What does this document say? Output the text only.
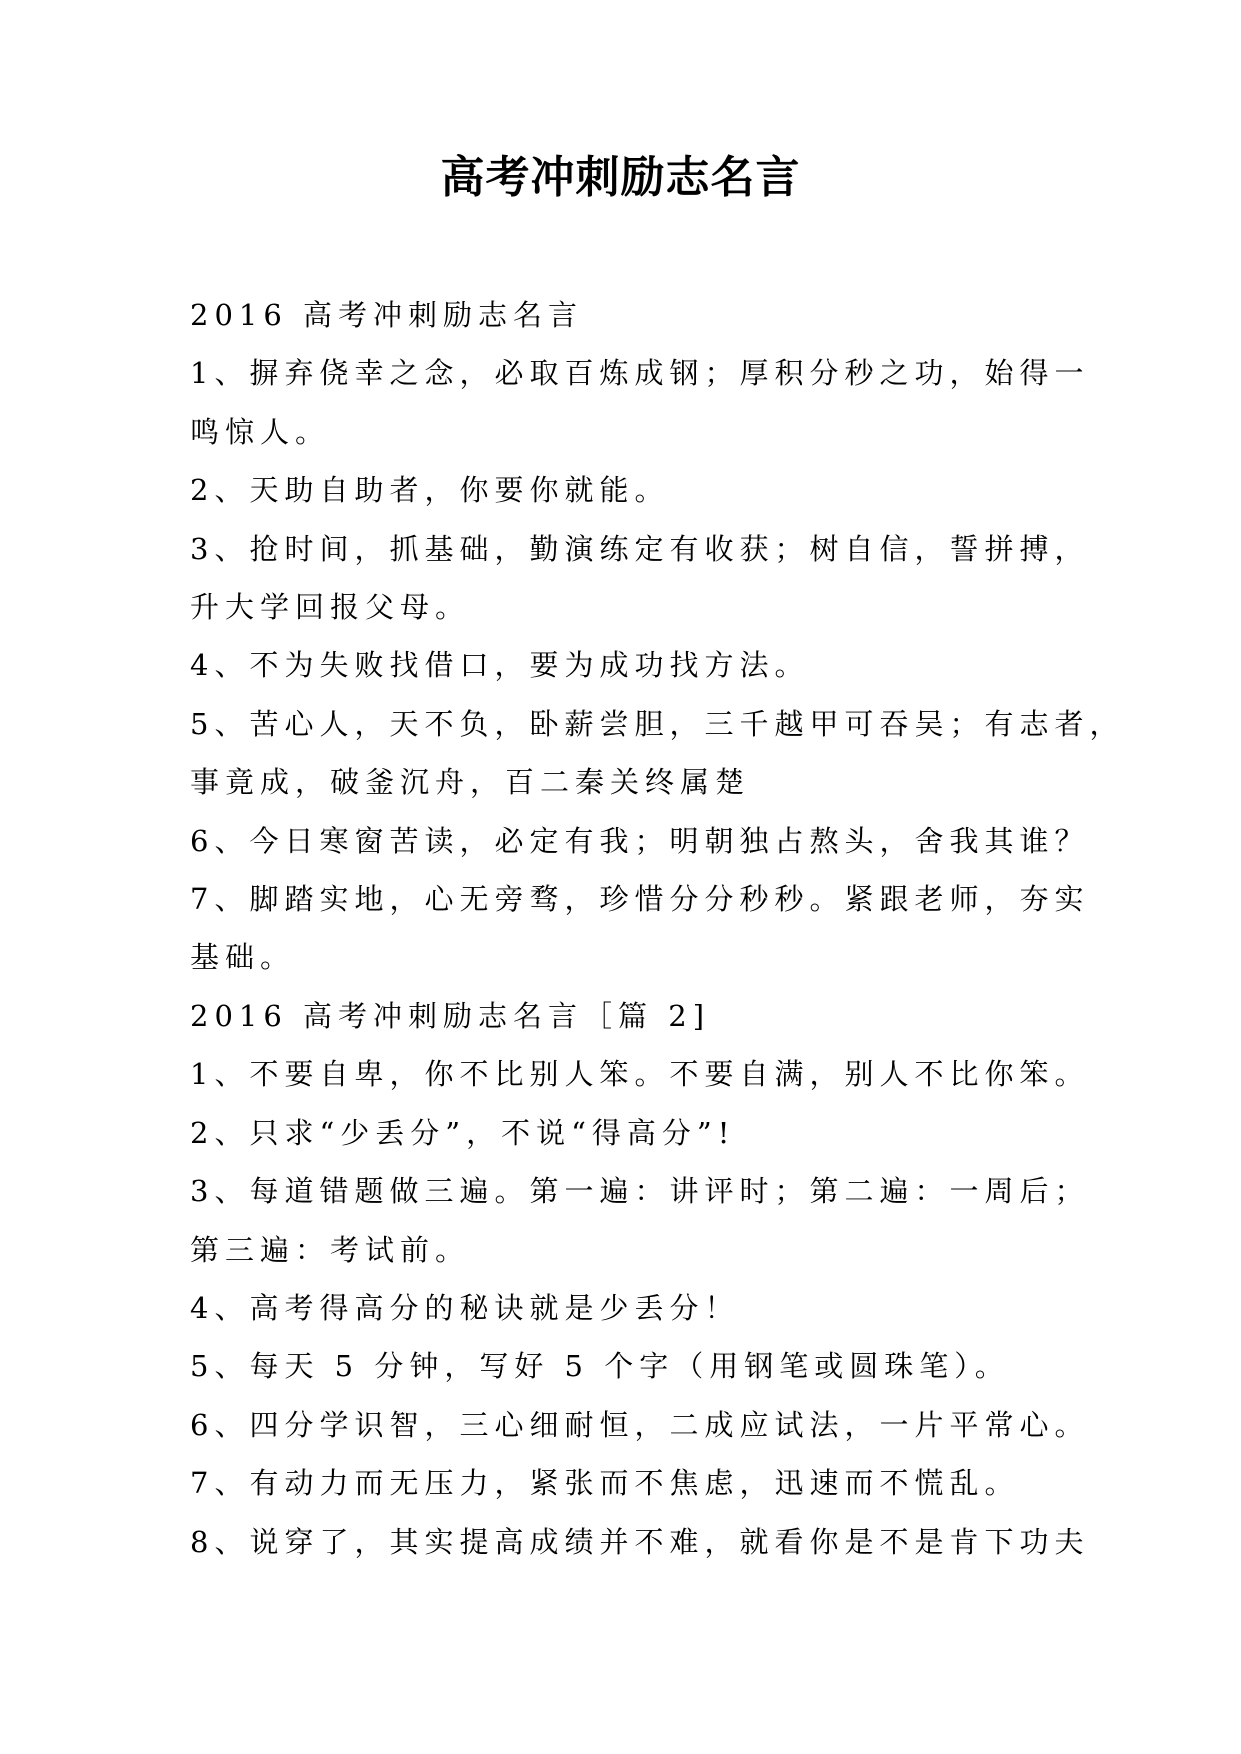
高考冲刺励志名言

2016 高考冲刺励志名言

1、摒弃侥幸之念，必取百炼成钢；厚积分秒之功，始得一

鸣惊人。

2、天助自助者，你要你就能。

3、抢时间，抓基础，勤演练定有收获；树自信，誓拼搏，

升大学回报父母。

4、不为失败找借口，要为成功找方法。

5、苦心人，天不负，卧薪尝胆，三千越甲可吞吴；有志者，

事竟成，破釜沉舟，百二秦关终属楚

6、今日寒窗苦读，必定有我；明朝独占熬头，舍我其谁？

7、脚踏实地，心无旁骛，珍惜分分秒秒。紧跟老师，夯实

基础。

2016 高考冲刺励志名言［篇 2]

1、不要自卑，你不比别人笨。不要自满，别人不比你笨。

2、只求“少丢分”，不说“得高分”!

3、每道错题做三遍。第一遍：讲评时；第二遍：一周后；

第三遍：考试前。

4、高考得高分的秘诀就是少丢分！

5、每天 5 分钟，写好 5 个字（用钢笔或圆珠笔）。

6、四分学识智，三心细耐恒，二成应试法，一片平常心。

7、有动力而无压力，紧张而不焦虑，迅速而不慌乱。

8、说穿了，其实提高成绩并不难，就看你是不是肯下功夫
